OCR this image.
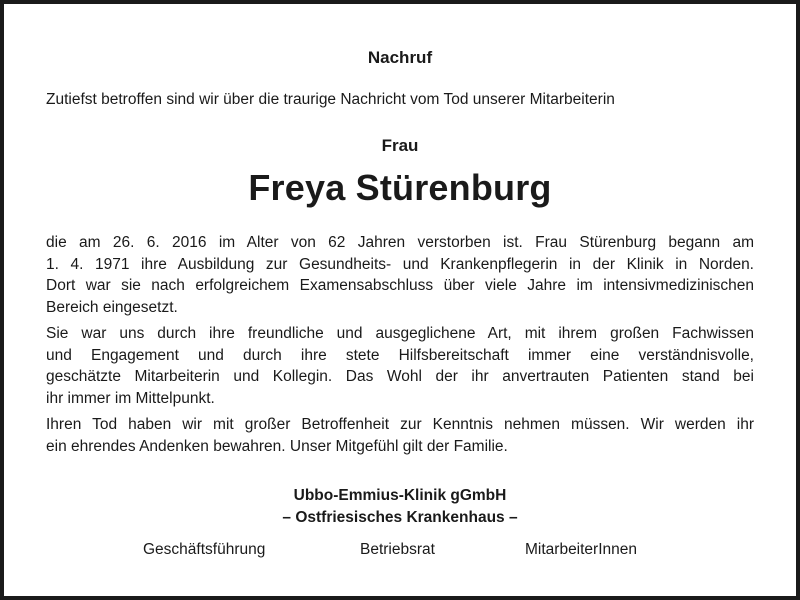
Nachruf
Zutiefst betroffen sind wir über die traurige Nachricht vom Tod unserer Mitarbeiterin
Frau
Freya Stürenburg

die am 26. 6. 2016 im Alter von 62 Jahren verstorben ist. Frau Stürenburg begann am
1. 4. 1971 ihre Ausbildung zur Gesundheits- und Krankenpflegerin in der Klinik in Norden.
Dort war sie nach erfolgreichem Examensabschluss über viele Jahre im intensivmedizinischen
Bereich eingesetzt.

Sie war uns durch ihre freundliche und ausgeglichene Art, mit ihrem großen Fachwissen
und Engagement und durch ihre stete Hilfsbereitschaft immer eine verständnisvolle,
geschätzte Mitarbeiterin und Kollegin. Das Wohl der ihr anvertrauten Patienten stand bei
ihr immer im Mittelpunkt.

Ihren Tod haben wir mit großer Betroffenheit zur Kenntnis nehmen müssen. Wir werden ihr
ein ehrendes Andenken bewahren. Unser Mitgefühl gilt der Familie.

Ubbo-Emmius-Klinik gGmbH
– Ostfriesisches Krankenhaus –
Geschäftsführung	Betriebsrat	MitarbeiterInnen
